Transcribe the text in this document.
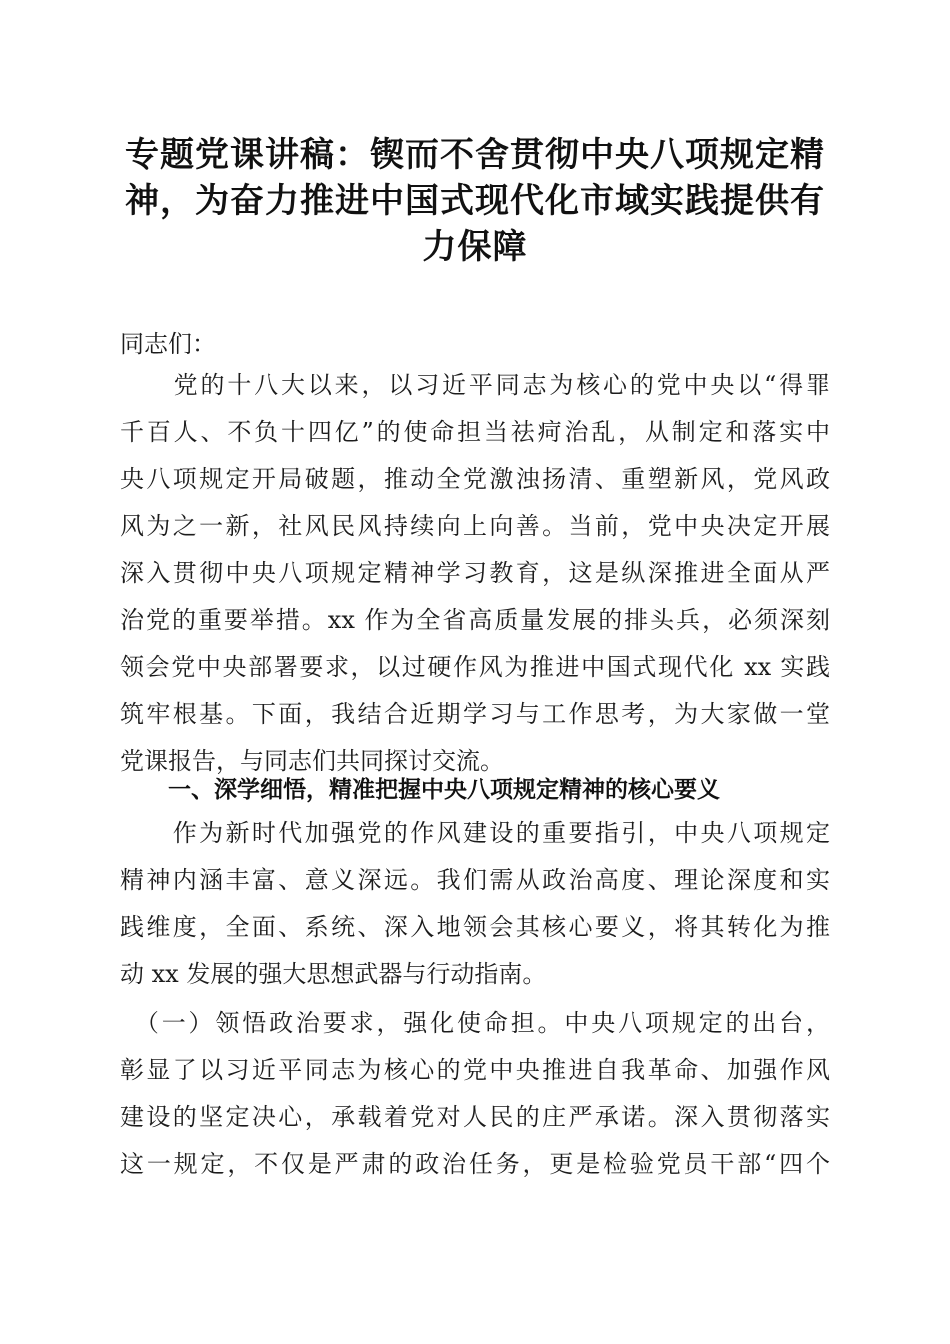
专题党课讲稿：锲而不舍贯彻中央八项规定精
神，为奋力推进中国式现代化市域实践提供有
力保障
同志们：
　　党的十八大以来，以习近平同志为核心的党中央以“得罪
千百人、不负十四亿”的使命担当祛疴治乱，从制定和落实中
央八项规定开局破题，推动全党激浊扬清、重塑新风，党风政
风为之一新，社风民风持续向上向善。当前，党中央决定开展
深入贯彻中央八项规定精神学习教育，这是纵深推进全面从严
治党的重要举措。xx 作为全省高质量发展的排头兵，必须深刻
领会党中央部署要求，以过硬作风为推进中国式现代化 xx 实践
筑牢根基。下面，我结合近期学习与工作思考，为大家做一堂
党课报告，与同志们共同探讨交流。
一、深学细悟，精准把握中央八项规定精神的核心要义
　　作为新时代加强党的作风建设的重要指引，中央八项规定
精神内涵丰富、意义深远。我们需从政治高度、理论深度和实
践维度，全面、系统、深入地领会其核心要义，将其转化为推
动 xx 发展的强大思想武器与行动指南。
　（一）领悟政治要求，强化使命担。中央八项规定的出台，
彰显了以习近平同志为核心的党中央推进自我革命、加强作风
建设的坚定决心，承载着党对人民的庄严承诺。深入贯彻落实
这一规定，不仅是严肃的政治任务，更是检验党员干部“四个
